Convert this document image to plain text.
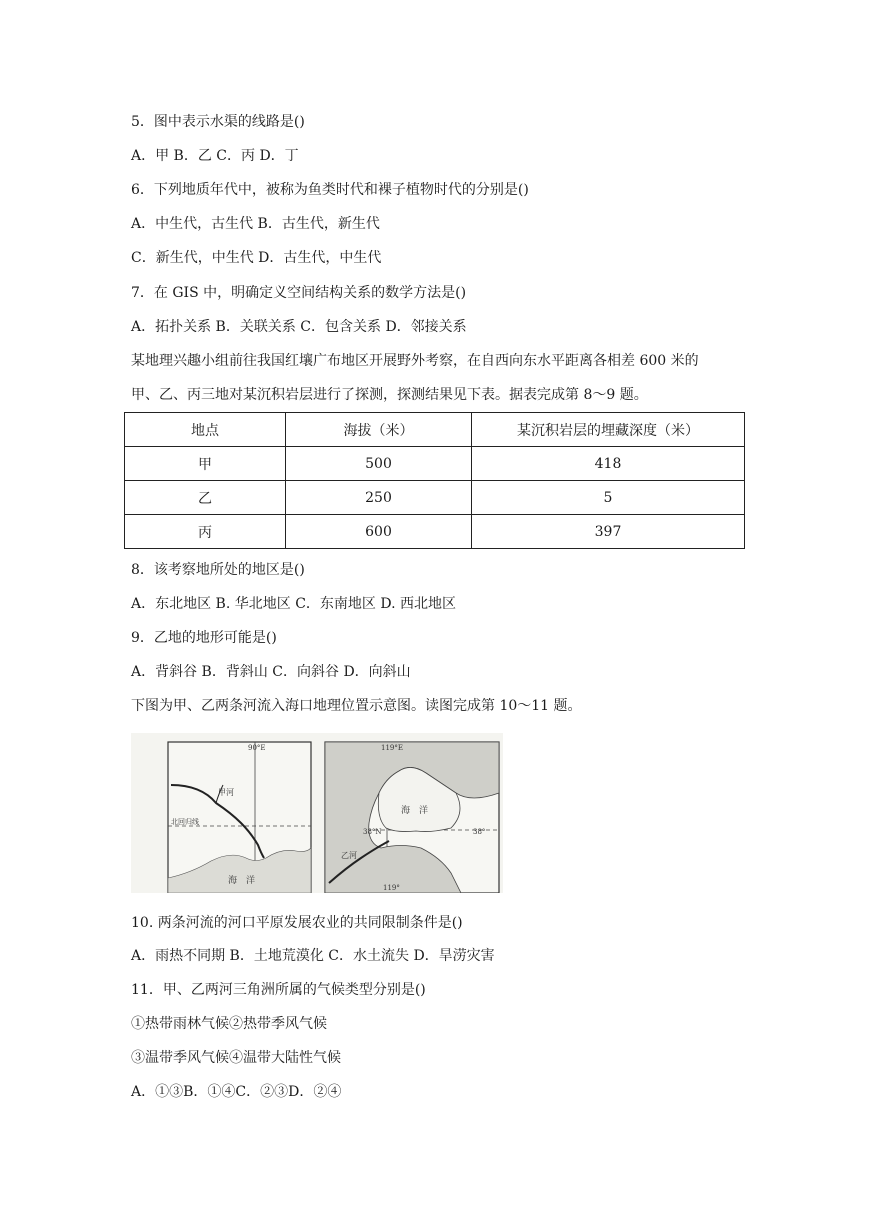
5．图中表示水渠的线路是()
A．甲 B．乙 C．丙 D．丁
6．下列地质年代中，被称为鱼类时代和裸子植物时代的分别是()
A．中生代，古生代 B．古生代，新生代
C．新生代，中生代 D．古生代，中生代
7．在 GIS 中，明确定义空间结构关系的数学方法是()
A．拓扑关系 B．关联关系 C．包含关系 D．邻接关系
某地理兴趣小组前往我国红壤广布地区开展野外考察，在自西向东水平距离各相差 600 米的
甲、乙、丙三地对某沉积岩层进行了探测，探测结果见下表。据表完成第 8～9 题。
地点	海拔（米）	某沉积岩层的埋藏深度（米）
甲	500	418
乙	250	5
丙	600	397
8．该考察地所处的地区是()
A．东北地区 B. 华北地区 C．东南地区 D. 西北地区
9．乙地的地形可能是()
A．背斜谷 B．背斜山 C．向斜谷 D．向斜山
下图为甲、乙两条河流入海口地理位置示意图。读图完成第 10～11 题。
90°E
甲河
北回归线
海　洋
119°E
38°N	38°
乙河
海　洋
119°
10. 两条河流的河口平原发展农业的共同限制条件是()
A．雨热不同期 B．土地荒漠化 C．水土流失 D．旱涝灾害
11．甲、乙两河三角洲所属的气候类型分别是()
①热带雨林气候②热带季风气候
③温带季风气候④温带大陆性气候
A．①③B．①④C．②③D．②④
